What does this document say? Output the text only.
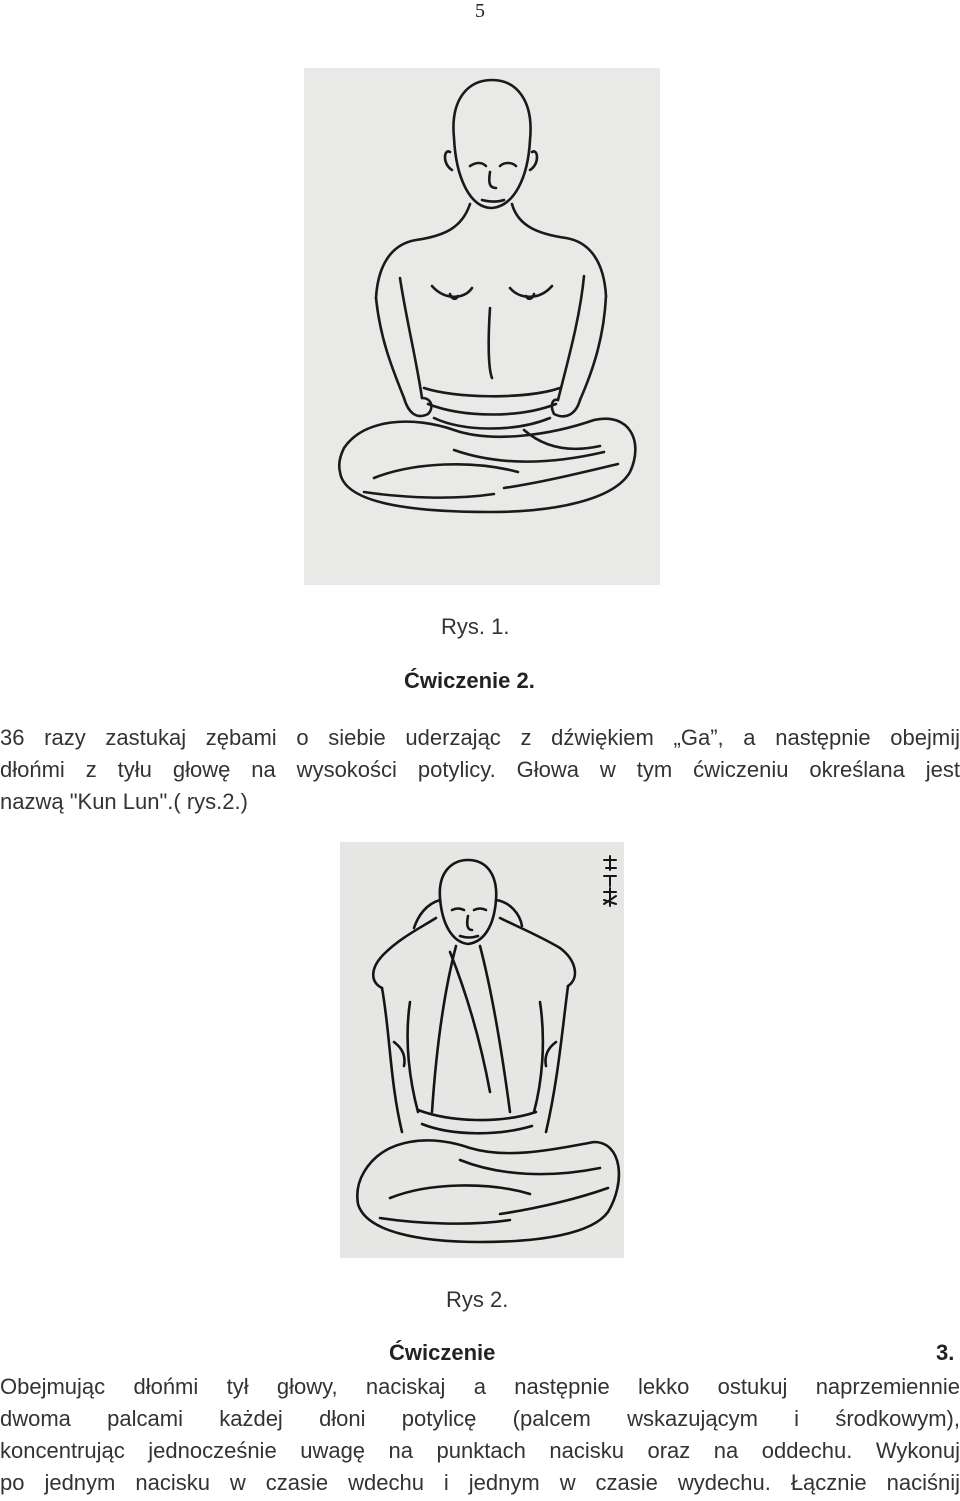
5
Rys. 1.
Ćwiczenie 2.
36 razy zastukaj zębami o siebie uderzając z dźwiękiem „Ga”, a następnie obejmij
dłońmi z tyłu głowę na wysokości potylicy. Głowa w tym ćwiczeniu określana jest
nazwą "Kun Lun".( rys.2.)
Rys 2.
Ćwiczenie	3.
Obejmując dłońmi tył głowy, naciskaj a następnie lekko ostukuj naprzemiennie
dwoma palcami każdej dłoni potylicę (palcem wskazującym i środkowym),
koncentrując jednocześnie uwagę na punktach nacisku oraz na oddechu. Wykonuj
po jednym nacisku w czasie wdechu i jednym w czasie wydechu. Łącznie naciśnij
